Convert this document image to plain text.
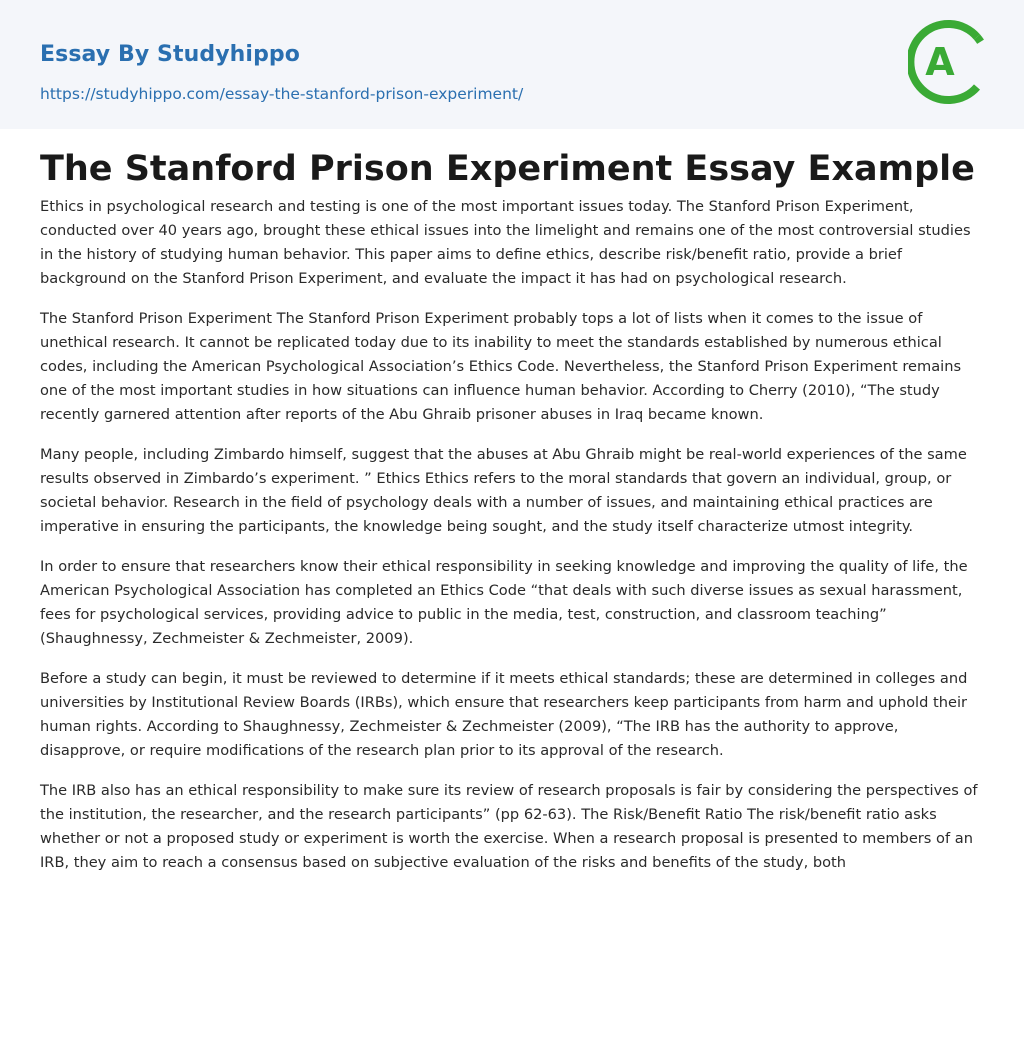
Essay By Studyhippo
https://studyhippo.com/essay-the-stanford-prison-experiment/
A
The Stanford Prison Experiment Essay Example

Ethics in psychological research and testing is one of the most important issues today. The Stanford Prison Experiment, conducted over 40 years ago, brought these ethical issues into the limelight and remains one of the most controversial studies in the history of studying human behavior. This paper aims to define ethics, describe risk/benefit ratio, provide a brief background on the Stanford Prison Experiment, and evaluate the impact it has had on psychological research.

The Stanford Prison Experiment The Stanford Prison Experiment probably tops a lot of lists when it comes to the issue of unethical research. It cannot be replicated today due to its inability to meet the standards established by numerous ethical codes, including the American Psychological Association’s Ethics Code. Nevertheless, the Stanford Prison Experiment remains one of the most important studies in how situations can influence human behavior. According to Cherry (2010), “The study recently garnered attention after reports of the Abu Ghraib prisoner abuses in Iraq became known.

Many people, including Zimbardo himself, suggest that the abuses at Abu Ghraib might be real-world experiences of the same results observed in Zimbardo’s experiment. ” Ethics Ethics refers to the moral standards that govern an individual, group, or societal behavior. Research in the field of psychology deals with a number of issues, and maintaining ethical practices are imperative in ensuring the participants, the knowledge being sought, and the study itself characterize utmost integrity.

In order to ensure that researchers know their ethical responsibility in seeking knowledge and improving the quality of life, the American Psychological Association has completed an Ethics Code “that deals with such diverse issues as sexual harassment, fees for psychological services, providing advice to public in the media, test, construction, and classroom teaching” (Shaughnessy, Zechmeister & Zechmeister, 2009).

Before a study can begin, it must be reviewed to determine if it meets ethical standards; these are determined in colleges and universities by Institutional Review Boards (IRBs), which ensure that researchers keep participants from harm and uphold their human rights. According to Shaughnessy, Zechmeister & Zechmeister (2009), “The IRB has the authority to approve, disapprove, or require modifications of the research plan prior to its approval of the research.

The IRB also has an ethical responsibility to make sure its review of research proposals is fair by considering the perspectives of the institution, the researcher, and the research participants” (pp 62-63). The Risk/Benefit Ratio The risk/benefit ratio asks whether or not a proposed study or experiment is worth the exercise. When a research proposal is presented to members of an IRB, they aim to reach a consensus based on subjective evaluation of the risks and benefits of the study, both
